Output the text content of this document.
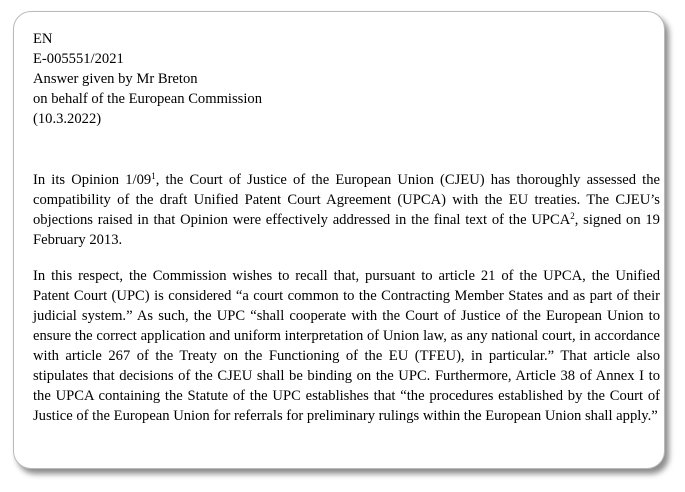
EN
E-005551/2021
Answer given by Mr Breton
on behalf of the European Commission
(10.3.2022)

In its Opinion $1/09^1$, the Court of Justice of the European Union (CJEU) has thoroughly assessed the compatibility of the draft Unified Patent Court Agreement (UPCA) with the EU treaties. The CJEU’s objections raised in that Opinion were effectively addressed in the final text of the UPCA$^2$, signed on 19 February 2013.

In this respect, the Commission wishes to recall that, pursuant to article 21 of the UPCA, the Unified Patent Court (UPC) is considered “a court common to the Contracting Member States and as part of their judicial system.” As such, the UPC “shall cooperate with the Court of Justice of the European Union to ensure the correct application and uniform interpretation of Union law, as any national court, in accordance with article 267 of the Treaty on the Functioning of the EU (TFEU), in particular.” That article also stipulates that decisions of the CJEU shall be binding on the UPC. Furthermore, Article 38 of Annex I to the UPCA containing the Statute of the UPC establishes that “the procedures established by the Court of Justice of the European Union for referrals for preliminary rulings within the European Union shall apply.”
